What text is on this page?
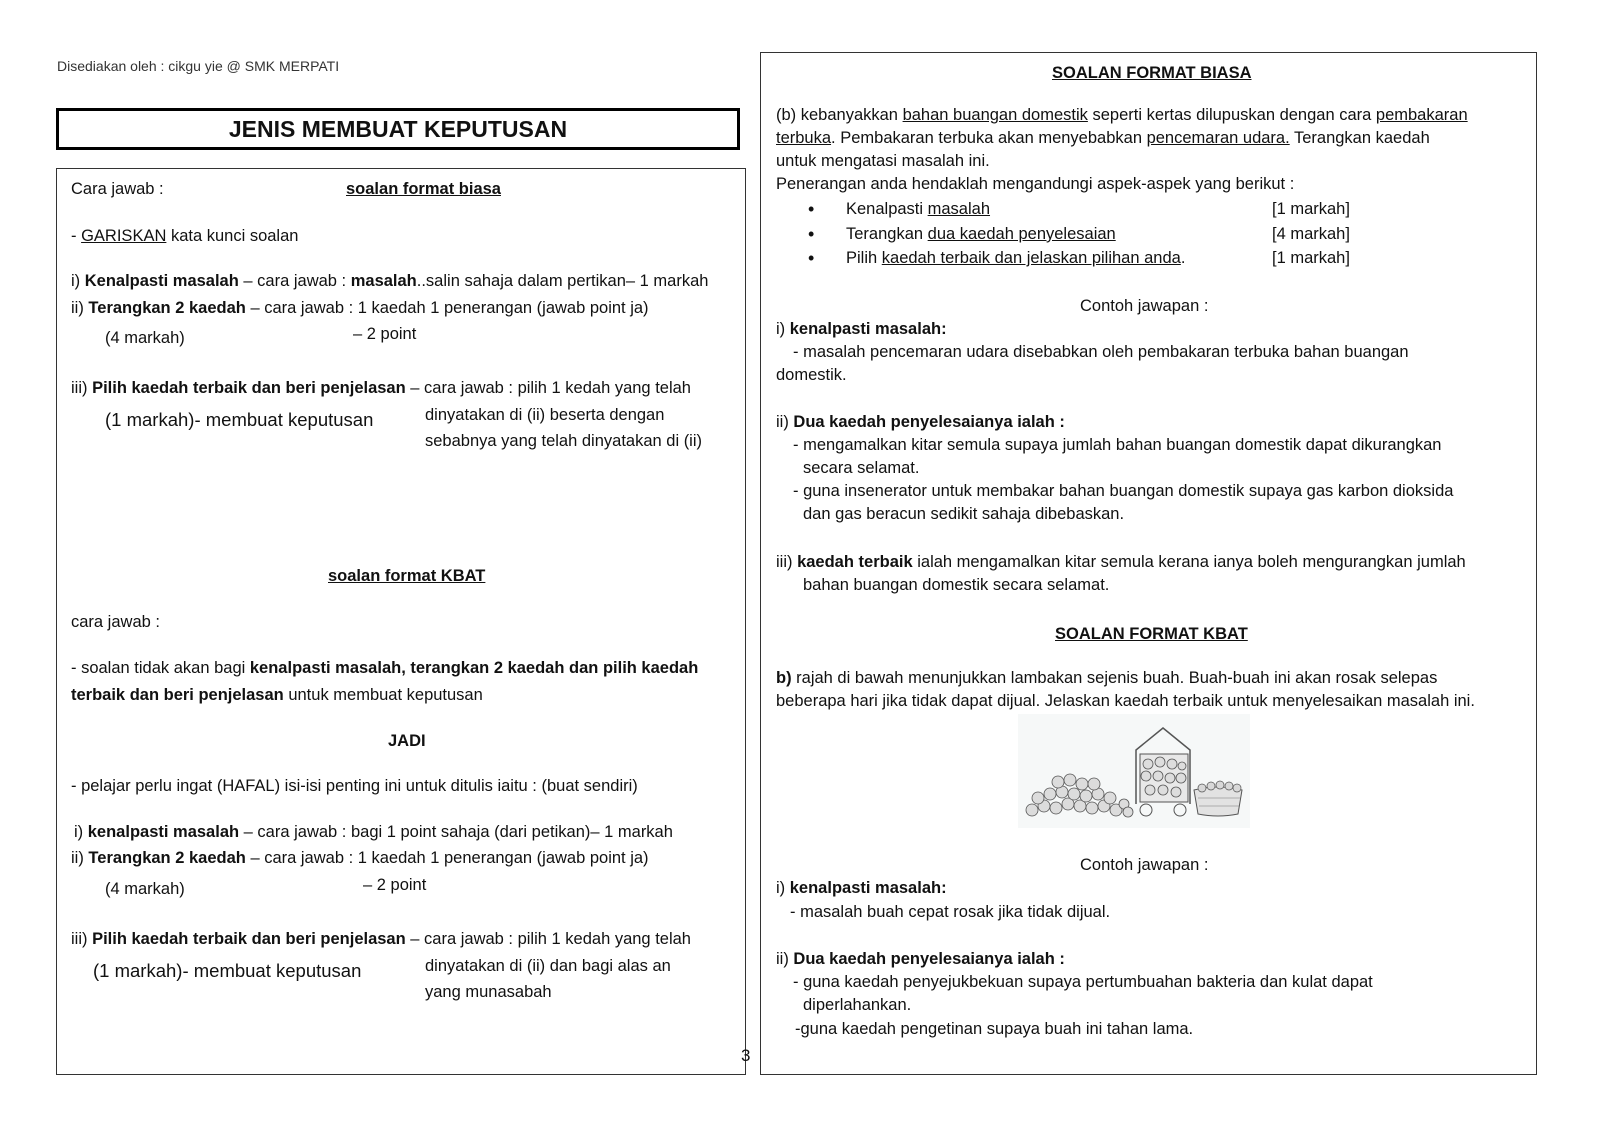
Disediakan oleh : cikgu yie @ SMK MERPATI
JENIS MEMBUAT KEPUTUSAN
Cara jawab :	soalan format biasa
- GARISKAN kata kunci soalan
i) Kenalpasti masalah – cara jawab : masalah..salin sahaja dalam pertikan– 1 markah
ii) Terangkan 2 kaedah – cara jawab : 1 kaedah 1 penerangan (jawab point ja)
(4 markah)	– 2 point
iii) Pilih kaedah terbaik dan beri penjelasan – cara jawab : pilih 1 kedah yang telah
(1 markah)- membuat keputusan	dinyatakan di (ii) beserta dengan
sebabnya yang telah dinyatakan di (ii)
soalan format KBAT
cara jawab :
- soalan tidak akan bagi kenalpasti masalah, terangkan 2 kaedah dan pilih kaedah
terbaik dan beri penjelasan untuk membuat keputusan
JADI
- pelajar perlu ingat (HAFAL) isi-isi penting ini untuk ditulis iaitu : (buat sendiri)
i) kenalpasti masalah – cara jawab : bagi 1 point sahaja (dari petikan)– 1 markah
ii) Terangkan 2 kaedah – cara jawab : 1 kaedah 1 penerangan (jawab point ja)
(4 markah)	– 2 point
iii) Pilih kaedah terbaik dan beri penjelasan – cara jawab : pilih 1 kedah yang telah
(1 markah)- membuat keputusan	dinyatakan di (ii) dan bagi alas an
yang munasabah
3
SOALAN FORMAT BIASA
(b) kebanyakkan bahan buangan domestik seperti kertas dilupuskan dengan cara pembakaran
terbuka. Pembakaran terbuka akan menyebabkan pencemaran udara. Terangkan kaedah
untuk mengatasi masalah ini.
Penerangan anda hendaklah mengandungi aspek-aspek yang berikut :
• Kenalpasti masalah	[1 markah]
• Terangkan dua kaedah penyelesaian	[4 markah]
• Pilih kaedah terbaik dan jelaskan pilihan anda.	[1 markah]
Contoh jawapan :
i) kenalpasti masalah:
- masalah pencemaran udara disebabkan oleh pembakaran terbuka bahan buangan
domestik.
ii) Dua kaedah penyelesaianya ialah :
- mengamalkan kitar semula supaya jumlah bahan buangan domestik dapat dikurangkan
secara selamat.
- guna insenerator untuk membakar bahan buangan domestik supaya gas karbon dioksida
dan gas beracun sedikit sahaja dibebaskan.
iii) kaedah terbaik ialah mengamalkan kitar semula kerana ianya boleh mengurangkan jumlah
bahan buangan domestik secara selamat.
SOALAN FORMAT KBAT
b) rajah di bawah menunjukkan lambakan sejenis buah. Buah-buah ini akan rosak selepas
beberapa hari jika tidak dapat dijual. Jelaskan kaedah terbaik untuk menyelesaikan masalah ini.
Contoh jawapan :
i) kenalpasti masalah:
- masalah buah cepat rosak jika tidak dijual.
ii) Dua kaedah penyelesaianya ialah :
- guna kaedah penyejukbekuan supaya pertumbuahan bakteria dan kulat dapat
diperlahankan.
-guna kaedah pengetinan supaya buah ini tahan lama.
